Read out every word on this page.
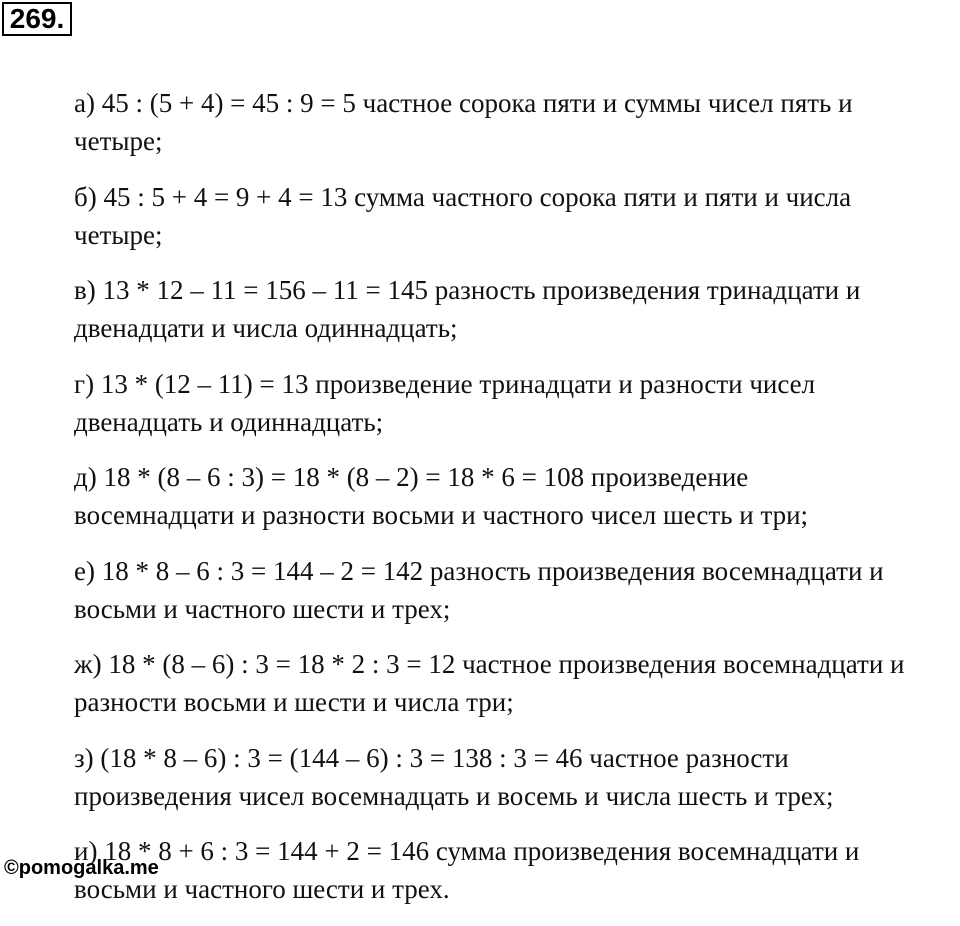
269.
а) 45 : (5 + 4) = 45 : 9 = 5 частное сорока пяти и суммы чисел пять и
четыре;
б) 45 : 5 + 4 = 9 + 4 = 13 сумма частного сорока пяти и пяти и числа
четыре;
в) 13 * 12 – 11 = 156 – 11 = 145 разность произведения тринадцати и
двенадцати и числа одиннадцать;
г) 13 * (12 – 11) = 13 произведение тринадцати и разности чисел
двенадцать и одиннадцать;
д) 18 * (8 – 6 : 3) = 18 * (8 – 2) = 18 * 6 = 108 произведение
восемнадцати и разности восьми и частного чисел шесть и три;
е) 18 * 8 – 6 : 3 = 144 – 2 = 142 разность произведения восемнадцати и
восьми и частного шести и трех;
ж) 18 * (8 – 6) : 3 = 18 * 2 : 3 = 12 частное произведения восемнадцати и
разности восьми и шести и числа три;
з) (18 * 8 – 6) : 3 = (144 – 6) : 3 = 138 : 3 = 46 частное разности
произведения чисел восемнадцать и восемь и числа шесть и трех;
и) 18 * 8 + 6 : 3 = 144 + 2 = 146 сумма произведения восемнадцати и
восьми и частного шести и трех.
©pomogalka.me
